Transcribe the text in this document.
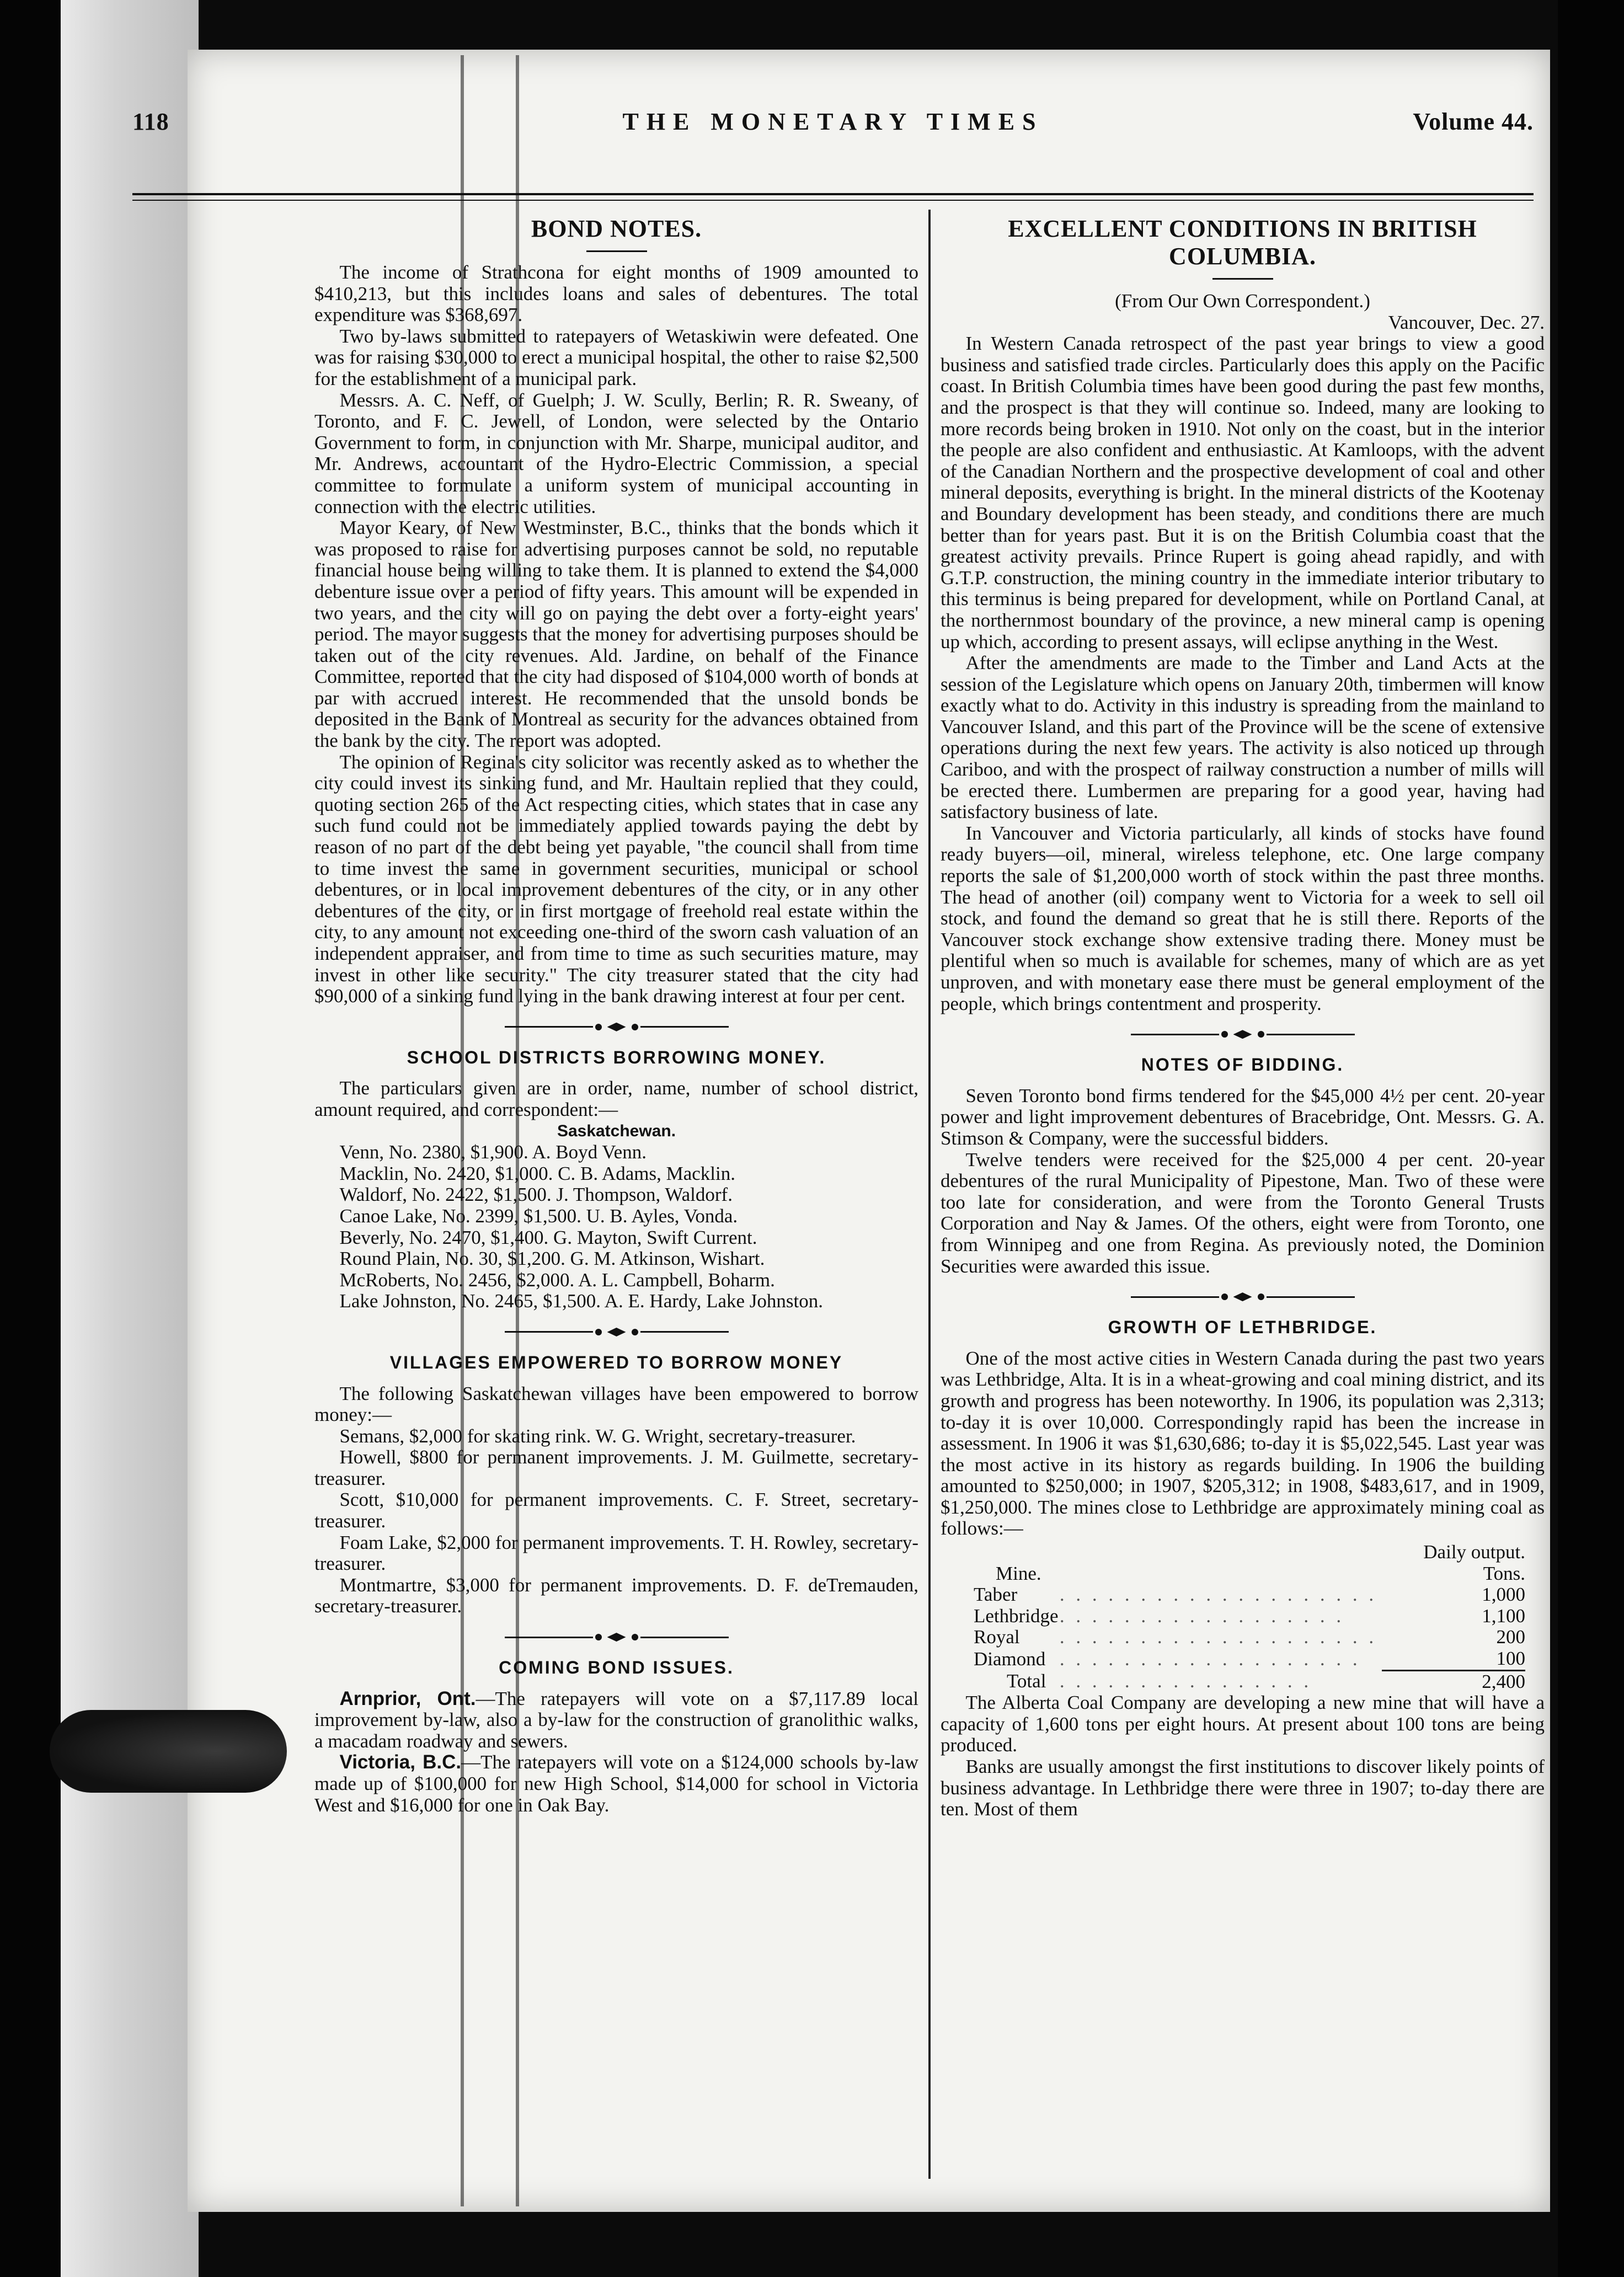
118	THE MONETARY TIMES	Volume 44.
BOND NOTES.

The income of Strathcona for eight months of 1909 amounted to $410,213, but this includes loans and sales of debentures. The total expenditure was $368,697.

Two by-laws submitted to ratepayers of Wetaskiwin were defeated. One was for raising $30,000 to erect a municipal hospital, the other to raise $2,500 for the establishment of a municipal park.

Messrs. A. C. Neff, of Guelph; J. W. Scully, Berlin; R. R. Sweany, of Toronto, and F. C. Jewell, of London, were selected by the Ontario Government to form, in conjunction with Mr. Sharpe, municipal auditor, and Mr. Andrews, accountant of the Hydro-Electric Commission, a special committee to formulate a uniform system of municipal accounting in connection with the electric utilities.

Mayor Keary, of New Westminster, B.C., thinks that the bonds which it was proposed to raise for advertising purposes cannot be sold, no reputable financial house being willing to take them. It is planned to extend the $4,000 debenture issue over a period of fifty years. This amount will be expended in two years, and the city will go on paying the debt over a forty-eight years' period. The mayor suggests that the money for advertising purposes should be taken out of the city revenues. Ald. Jardine, on behalf of the Finance Committee, reported that the city had disposed of $104,000 worth of bonds at par with accrued interest. He recommended that the unsold bonds be deposited in the Bank of Montreal as security for the advances obtained from the bank by the city. The report was adopted.

The opinion of Regina's city solicitor was recently asked as to whether the city could invest its sinking fund, and Mr. Haultain replied that they could, quoting section 265 of the Act respecting cities, which states that in case any such fund could not be immediately applied towards paying the debt by reason of no part of the debt being yet payable, "the council shall from time to time invest the same in government securities, municipal or school debentures, or in local improvement debentures of the city, or in any other debentures of the city, or in first mortgage of freehold real estate within the city, to any amount not exceeding one-third of the sworn cash valuation of an independent appraiser, and from time to time as such securities mature, may invest in other like security." The city treasurer stated that the city had $90,000 of a sinking fund lying in the bank drawing interest at four per cent.

SCHOOL DISTRICTS BORROWING MONEY.

The particulars given are in order, name, number of school district, amount required, and correspondent:—

Saskatchewan.

Venn, No. 2380, $1,900. A. Boyd Venn.

Macklin, No. 2420, $1,000. C. B. Adams, Macklin.

Waldorf, No. 2422, $1,500. J. Thompson, Waldorf.

Canoe Lake, No. 2399, $1,500. U. B. Ayles, Vonda.

Beverly, No. 2470, $1,400. G. Mayton, Swift Current.

Round Plain, No. 30, $1,200. G. M. Atkinson, Wishart.

McRoberts, No. 2456, $2,000. A. L. Campbell, Boharm.

Lake Johnston, No. 2465, $1,500. A. E. Hardy, Lake Johnston.

VILLAGES EMPOWERED TO BORROW MONEY

The following Saskatchewan villages have been empowered to borrow money:—

Semans, $2,000 for skating rink. W. G. Wright, secretary-treasurer.

Howell, $800 for permanent improvements. J. M. Guilmette, secretary-treasurer.

Scott, $10,000 for permanent improvements. C. F. Street, secretary-treasurer.

Foam Lake, $2,000 for permanent improvements. T. H. Rowley, secretary-treasurer.

Montmartre, $3,000 for permanent improvements. D. F. deTremauden, secretary-treasurer.

COMING BOND ISSUES.

Arnprior, Ont.—The ratepayers will vote on a $7,117.89 local improvement by-law, also a by-law for the construction of granolithic walks, a macadam roadway and sewers.

Victoria, B.C.—The ratepayers will vote on a $124,000 schools by-law made up of $100,000 for new High School, $14,000 for school in Victoria West and $16,000 for one in Oak Bay.

EXCELLENT CONDITIONS IN BRITISH COLUMBIA.

(From Our Own Correspondent.)

Vancouver, Dec. 27.

In Western Canada retrospect of the past year brings to view a good business and satisfied trade circles. Particularly does this apply on the Pacific coast. In British Columbia times have been good during the past few months, and the prospect is that they will continue so. Indeed, many are looking to more records being broken in 1910. Not only on the coast, but in the interior the people are also confident and enthusiastic. At Kamloops, with the advent of the Canadian Northern and the prospective development of coal and other mineral deposits, everything is bright. In the mineral districts of the Kootenay and Boundary development has been steady, and conditions there are much better than for years past. But it is on the British Columbia coast that the greatest activity prevails. Prince Rupert is going ahead rapidly, and with G.T.P. construction, the mining country in the immediate interior tributary to this terminus is being prepared for development, while on Portland Canal, at the northernmost boundary of the province, a new mineral camp is opening up which, according to present assays, will eclipse anything in the West.

After the amendments are made to the Timber and Land Acts at the session of the Legislature which opens on January 20th, timbermen will know exactly what to do. Activity in this industry is spreading from the mainland to Vancouver Island, and this part of the Province will be the scene of extensive operations during the next few years. The activity is also noticed up through Cariboo, and with the prospect of railway construction a number of mills will be erected there. Lumbermen are preparing for a good year, having had satisfactory business of late.

In Vancouver and Victoria particularly, all kinds of stocks have found ready buyers—oil, mineral, wireless telephone, etc. One large company reports the sale of $1,200,000 worth of stock within the past three months. The head of another (oil) company went to Victoria for a week to sell oil stock, and found the demand so great that he is still there. Reports of the Vancouver stock exchange show extensive trading there. Money must be plentiful when so much is available for schemes, many of which are as yet unproven, and with monetary ease there must be general employment of the people, which brings contentment and prosperity.

NOTES OF BIDDING.

Seven Toronto bond firms tendered for the $45,000 4½ per cent. 20-year power and light improvement debentures of Bracebridge, Ont. Messrs. G. A. Stimson & Company, were the successful bidders.

Twelve tenders were received for the $25,000 4 per cent. 20-year debentures of the rural Municipality of Pipestone, Man. Two of these were too late for consideration, and were from the Toronto General Trusts Corporation and Nay & James. Of the others, eight were from Toronto, one from Winnipeg and one from Regina. As previously noted, the Dominion Securities were awarded this issue.

GROWTH OF LETHBRIDGE.

One of the most active cities in Western Canada during the past two years was Lethbridge, Alta. It is in a wheat-growing and coal mining district, and its growth and progress has been noteworthy. In 1906, its population was 2,313; to-day it is over 10,000. Correspondingly rapid has been the increase in assessment. In 1906 it was $1,630,686; to-day it is $5,022,545. Last year was the most active in its history as regards building. In 1906 the building amounted to $250,000; in 1907, $205,312; in 1908, $483,617, and in 1909, $1,250,000. The mines close to Lethbridge are approximately mining coal as follows:—

		Daily output.
Mine.		Tons.
Taber	. . . . . . . . . . . . . . . . . . . .	1,000
Lethbridge	. . . . . . . . . . . . . . . . . .	1,100
Royal	. . . . . . . . . . . . . . . . . . . .	200
Diamond	. . . . . . . . . . . . . . . . . . .	100
Total	. . . . . . . . . . . . . . . .	2,400

The Alberta Coal Company are developing a new mine that will have a capacity of 1,600 tons per eight hours. At present about 100 tons are being produced.

Banks are usually amongst the first institutions to discover likely points of business advantage. In Lethbridge there were three in 1907; to-day there are ten. Most of them
